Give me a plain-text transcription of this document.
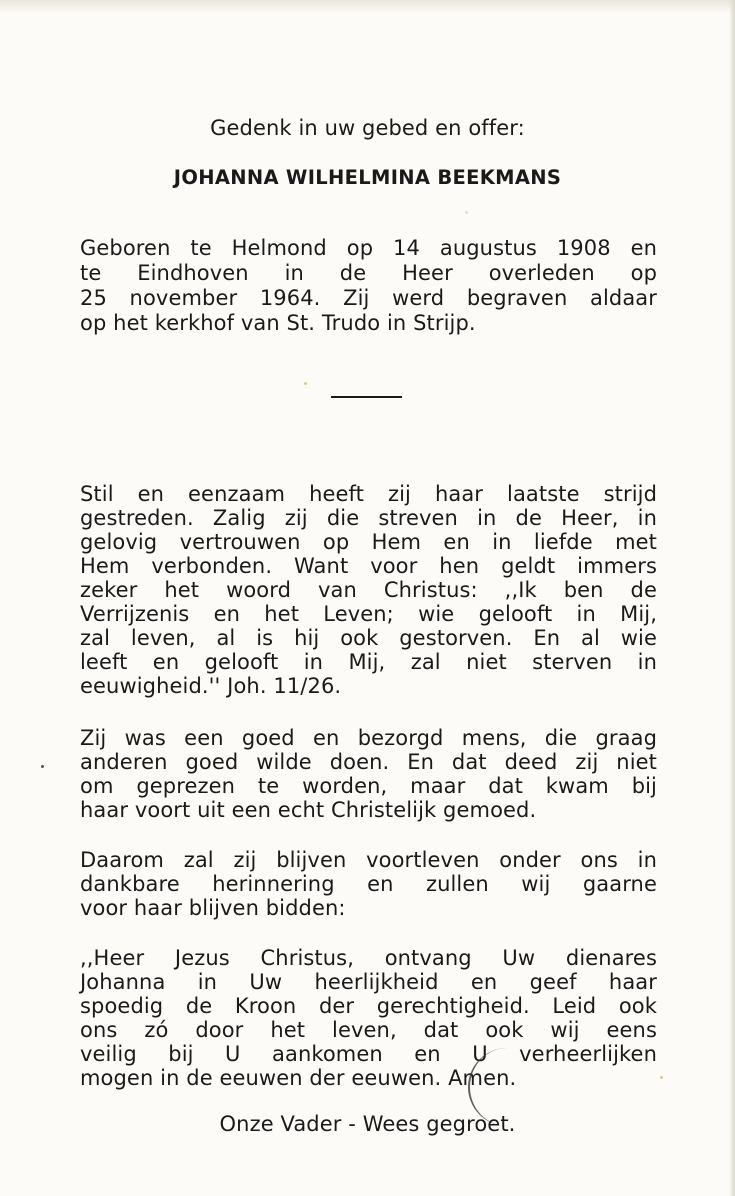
Gedenk in uw gebed en offer:
JOHANNA WILHELMINA BEEKMANS
Geboren te Helmond op 14 augustus 1908 en
te Eindhoven in de Heer overleden op
25 november 1964. Zij werd begraven aldaar
op het kerkhof van St. Trudo in Strijp.
Stil en eenzaam heeft zij haar laatste strijd
gestreden. Zalig zij die streven in de Heer, in
gelovig vertrouwen op Hem en in liefde met
Hem verbonden. Want voor hen geldt immers
zeker het woord van Christus: ,,Ik ben de
Verrijzenis en het Leven; wie gelooft in Mij,
zal leven, al is hij ook gestorven. En al wie
leeft en gelooft in Mij, zal niet sterven in
eeuwigheid.'' Joh. 11/26.
Zij was een goed en bezorgd mens, die graag
anderen goed wilde doen. En dat deed zij niet
om geprezen te worden, maar dat kwam bij
haar voort uit een echt Christelijk gemoed.
Daarom zal zij blijven voortleven onder ons in
dankbare herinnering en zullen wij gaarne
voor haar blijven bidden:
,,Heer Jezus Christus, ontvang Uw dienares
Johanna in Uw heerlijkheid en geef haar
spoedig de Kroon der gerechtigheid. Leid ook
ons zó door het leven, dat ook wij eens
veilig bij U aankomen en U verheerlijken
mogen in de eeuwen der eeuwen. Amen.
Onze Vader - Wees gegroet.
